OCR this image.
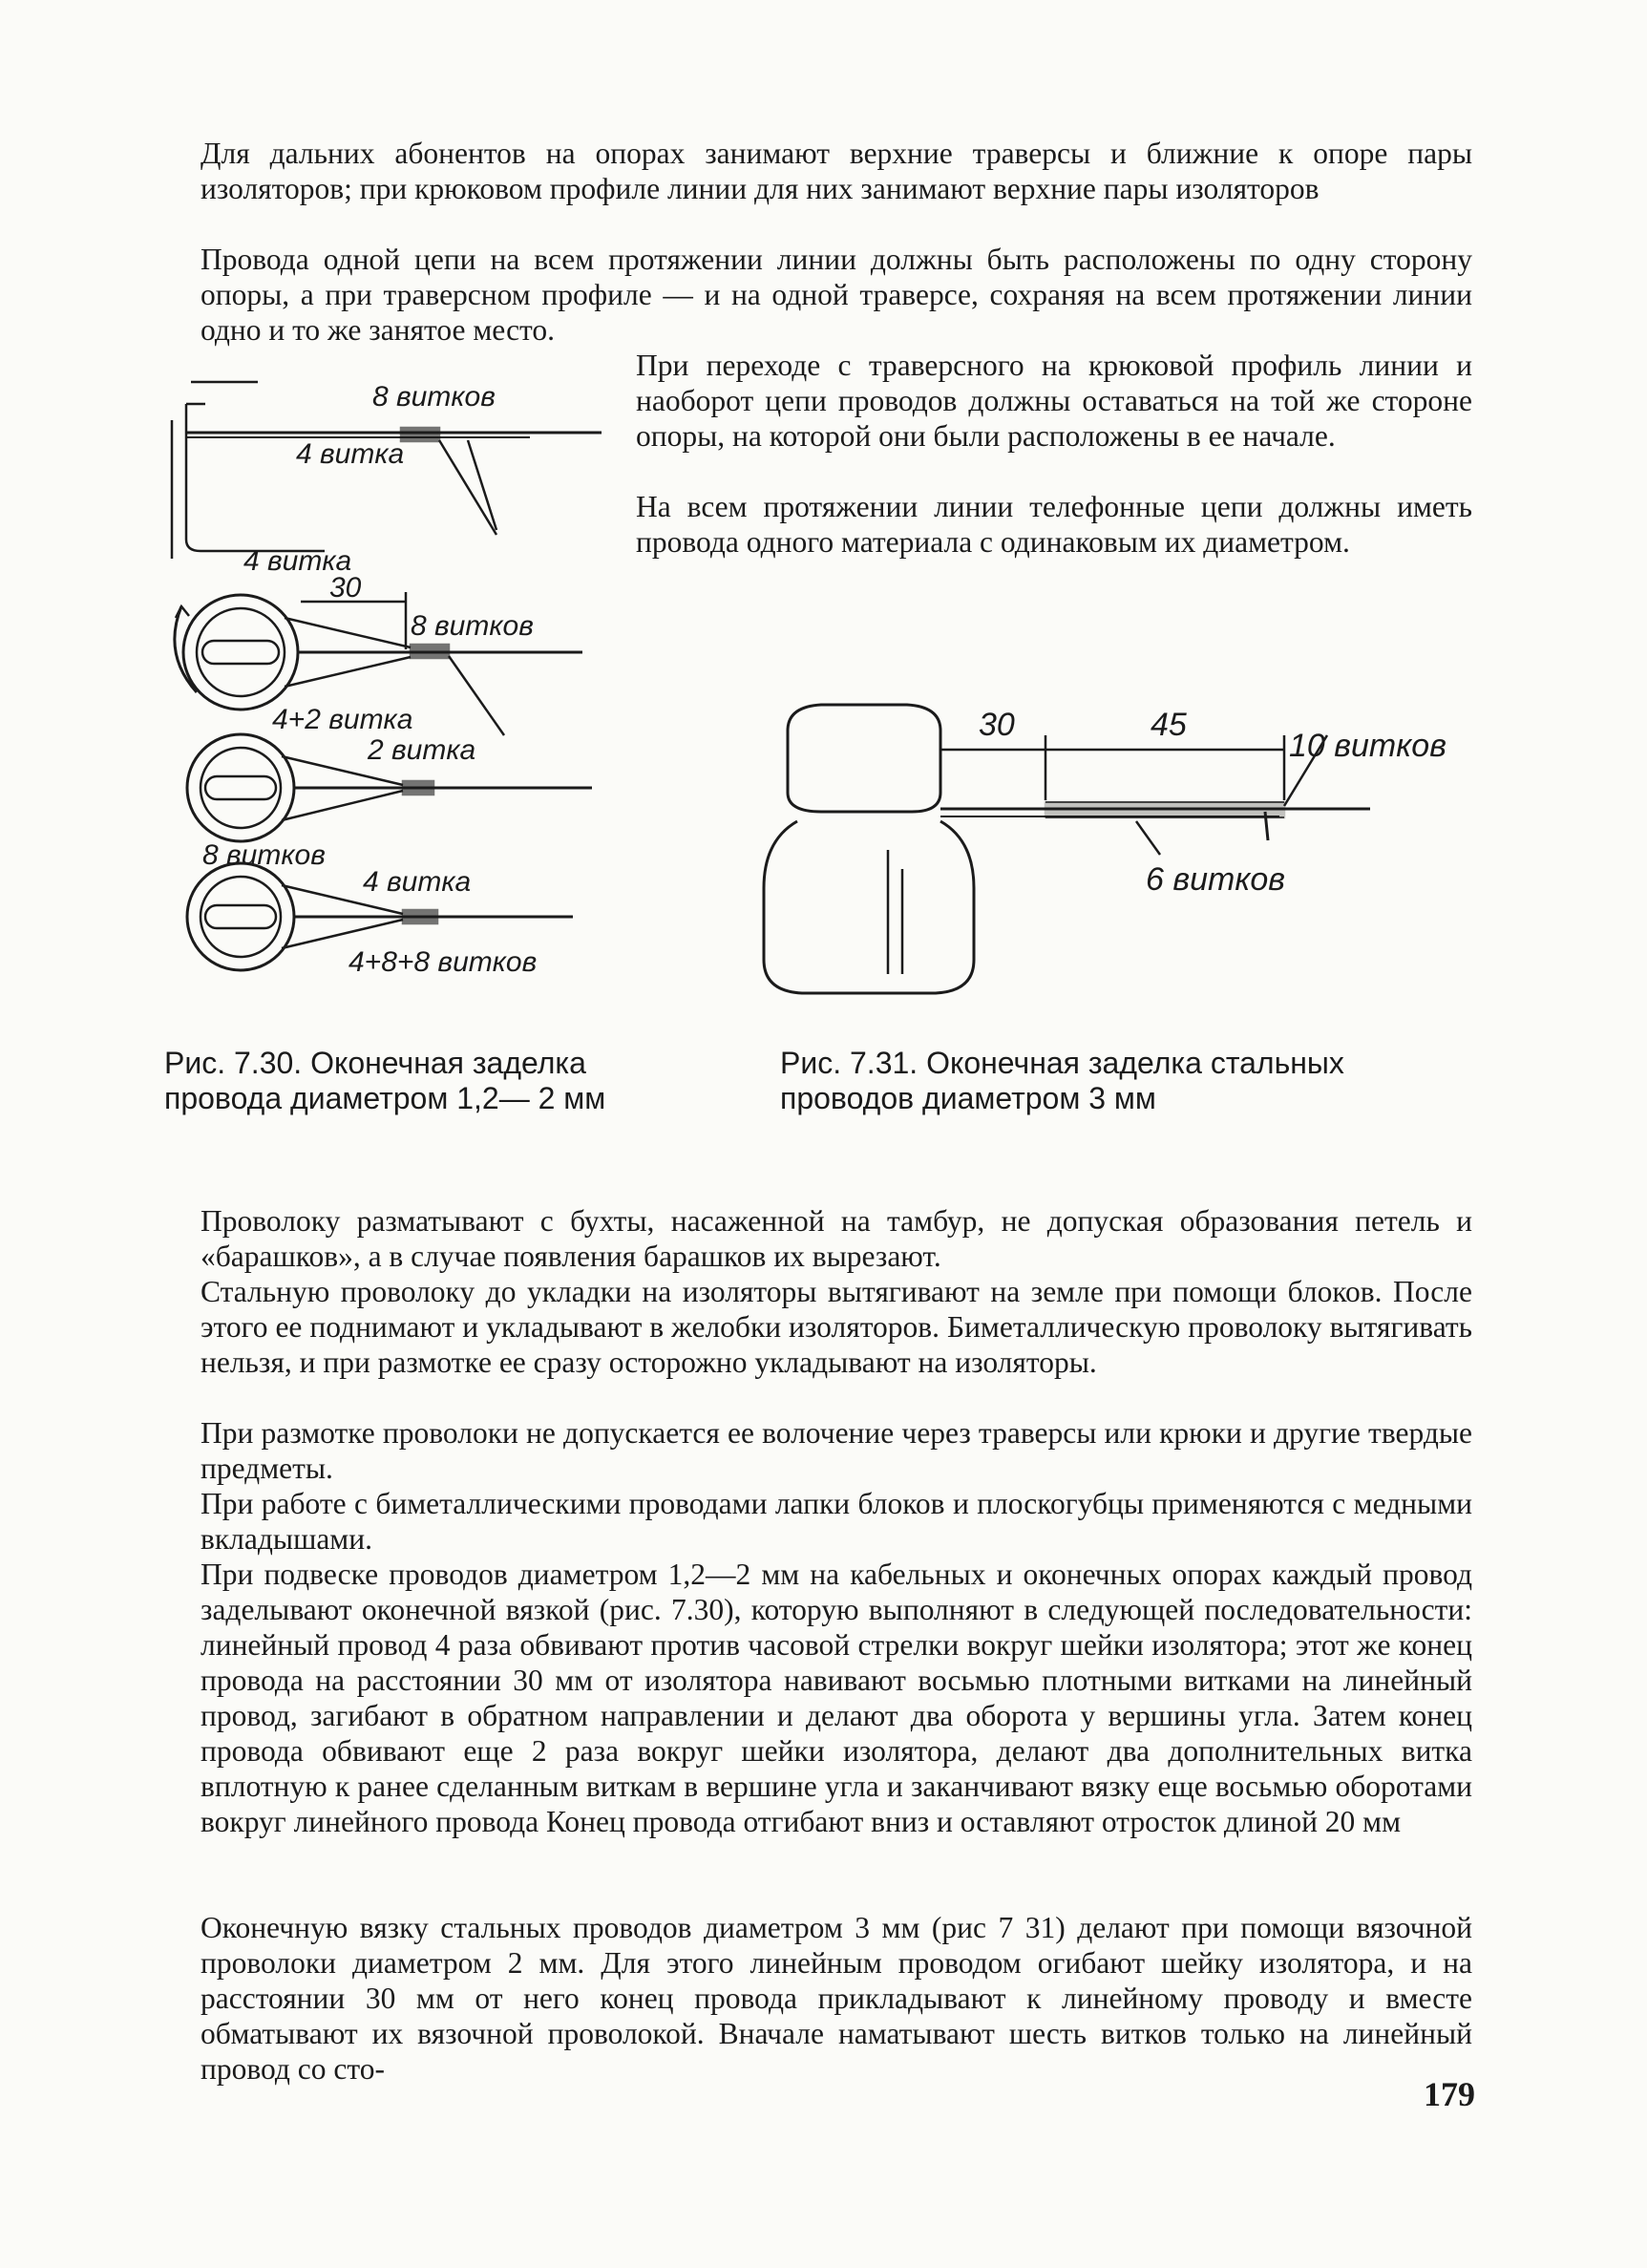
Для дальних абонентов на опорах занимают верхние траверсы и ближние к опоре пары изоляторов; при крюковом профиле линии для них занимают верхние пары изоляторов

Провода одной цепи на всем протяжении линии должны быть расположены по одну сторону опоры, а при траверсном профиле — и на одной траверсе, сохраняя на всем протяжении линии одно и то же занятое место.

При переходе с траверсного на крюковой профиль линии и наоборот цепи проводов должны оставаться на той же стороне опоры, на которой они были расположены в ее начале.

На всем протяжении линии телефонные цепи должны иметь провода одного материала с одинаковым их диаметром.

8 витков
4 витка
4 витка
30
8 витков
4+2 витка
2 витка
8 витков
4 витка
4+8+8 витков
30	45
10 витков
6 витков

Рис. 7.30. Оконечная заделка провода диаметром 1,2— 2 мм

Рис. 7.31. Оконечная заделка стальных проводов диаметром 3 мм

Проволоку разматывают с бухты, насаженной на тамбур, не допуская образования петель и «барашков», а в случае появления барашков их вырезают.

Стальную проволоку до укладки на изоляторы вытягивают на земле при помощи блоков. После этого ее поднимают и укладывают в желобки изоляторов. Биметаллическую проволоку вытягивать нельзя, и при размотке ее сразу осторожно укладывают на изоляторы.

При размотке проволоки не допускается ее волочение через траверсы или крюки и другие твердые предметы.

При работе с биметаллическими проводами лапки блоков и плоскогубцы применяются с медными вкладышами.

При подвеске проводов диаметром 1,2—2 мм на кабельных и оконечных опорах каждый провод заделывают оконечной вязкой (рис. 7.30), которую выполняют в следующей последовательности: линейный провод 4 раза обвивают против часовой стрелки вокруг шейки изолятора; этот же конец провода на расстоянии 30 мм от изолятора навивают восьмью плотными витками на линейный провод, загибают в обратном направлении и делают два оборота у вершины угла. Затем конец провода обвивают еще 2 раза вокруг шейки изолятора, делают два дополнительных витка вплотную к ранее сделанным виткам в вершине угла и заканчивают вязку еще восьмью оборотами вокруг линейного провода Конец провода отгибают вниз и оставляют отросток длиной 20 мм

Оконечную вязку стальных проводов диаметром 3 мм (рис 7 31) делают при помощи вязочной проволоки диаметром 2 мм. Для этого линейным проводом огибают шейку изолятора, и на расстоянии 30 мм от него конец провода прикладывают к линейному проводу и вместе обматывают их вязочной проволокой. Вначале наматывают шесть витков только на линейный провод со сто-

179
